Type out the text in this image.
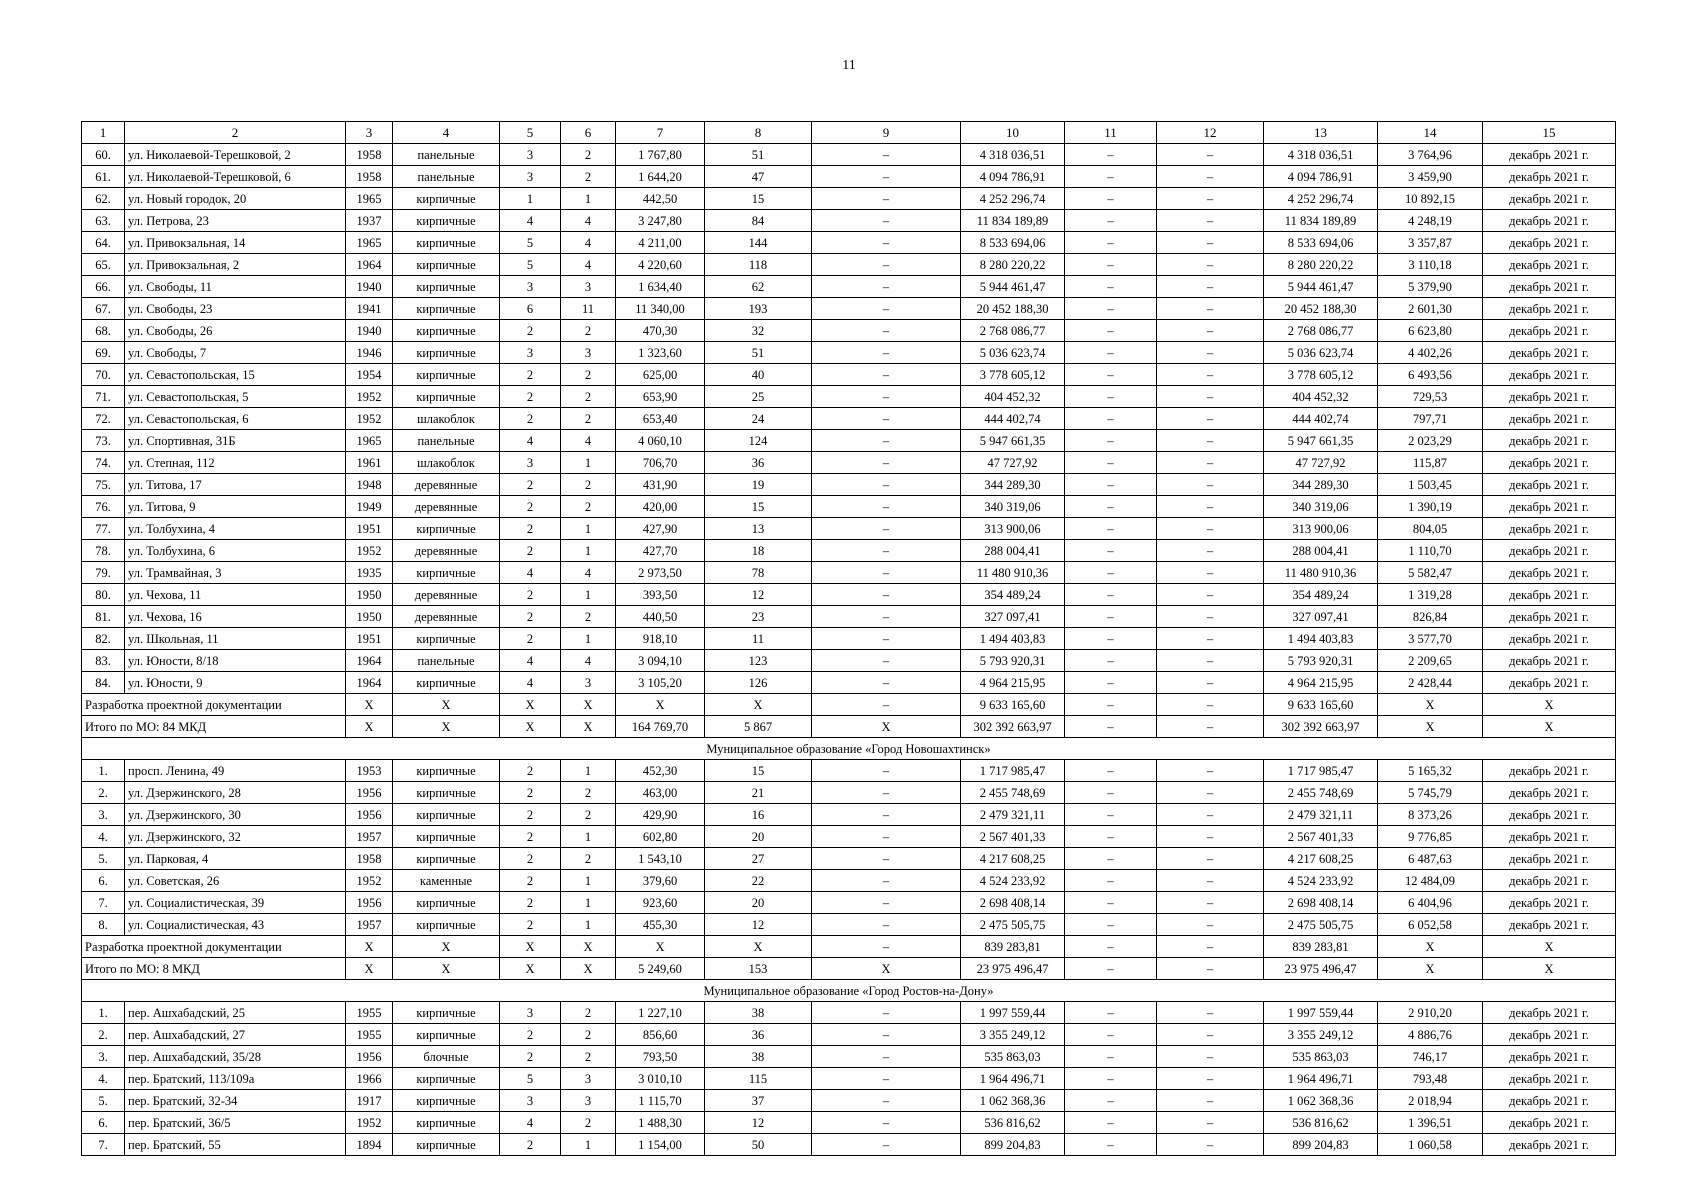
11
1	2	3	4	5	6	7	8	9	10	11	12	13	14	15
60.	ул. Николаевой-Терешковой, 2	1958	панельные	3	2	1 767,80	51	–	4 318 036,51	–	–	4 318 036,51	3 764,96	декабрь 2021 г.
61.	ул. Николаевой-Терешковой, 6	1958	панельные	3	2	1 644,20	47	–	4 094 786,91	–	–	4 094 786,91	3 459,90	декабрь 2021 г.
62.	ул. Новый городок, 20	1965	кирпичные	1	1	442,50	15	–	4 252 296,74	–	–	4 252 296,74	10 892,15	декабрь 2021 г.
63.	ул. Петрова, 23	1937	кирпичные	4	4	3 247,80	84	–	11 834 189,89	–	–	11 834 189,89	4 248,19	декабрь 2021 г.
64.	ул. Привокзальная, 14	1965	кирпичные	5	4	4 211,00	144	–	8 533 694,06	–	–	8 533 694,06	3 357,87	декабрь 2021 г.
65.	ул. Привокзальная, 2	1964	кирпичные	5	4	4 220,60	118	–	8 280 220,22	–	–	8 280 220,22	3 110,18	декабрь 2021 г.
66.	ул. Свободы, 11	1940	кирпичные	3	3	1 634,40	62	–	5 944 461,47	–	–	5 944 461,47	5 379,90	декабрь 2021 г.
67.	ул. Свободы, 23	1941	кирпичные	6	11	11 340,00	193	–	20 452 188,30	–	–	20 452 188,30	2 601,30	декабрь 2021 г.
68.	ул. Свободы, 26	1940	кирпичные	2	2	470,30	32	–	2 768 086,77	–	–	2 768 086,77	6 623,80	декабрь 2021 г.
69.	ул. Свободы, 7	1946	кирпичные	3	3	1 323,60	51	–	5 036 623,74	–	–	5 036 623,74	4 402,26	декабрь 2021 г.
70.	ул. Севастопольская, 15	1954	кирпичные	2	2	625,00	40	–	3 778 605,12	–	–	3 778 605,12	6 493,56	декабрь 2021 г.
71.	ул. Севастопольская, 5	1952	кирпичные	2	2	653,90	25	–	404 452,32	–	–	404 452,32	729,53	декабрь 2021 г.
72.	ул. Севастопольская, 6	1952	шлакоблок	2	2	653,40	24	–	444 402,74	–	–	444 402,74	797,71	декабрь 2021 г.
73.	ул. Спортивная, 31Б	1965	панельные	4	4	4 060,10	124	–	5 947 661,35	–	–	5 947 661,35	2 023,29	декабрь 2021 г.
74.	ул. Степная, 112	1961	шлакоблок	3	1	706,70	36	–	47 727,92	–	–	47 727,92	115,87	декабрь 2021 г.
75.	ул. Титова, 17	1948	деревянные	2	2	431,90	19	–	344 289,30	–	–	344 289,30	1 503,45	декабрь 2021 г.
76.	ул. Титова, 9	1949	деревянные	2	2	420,00	15	–	340 319,06	–	–	340 319,06	1 390,19	декабрь 2021 г.
77.	ул. Толбухина, 4	1951	кирпичные	2	1	427,90	13	–	313 900,06	–	–	313 900,06	804,05	декабрь 2021 г.
78.	ул. Толбухина, 6	1952	деревянные	2	1	427,70	18	–	288 004,41	–	–	288 004,41	1 110,70	декабрь 2021 г.
79.	ул. Трамвайная, 3	1935	кирпичные	4	4	2 973,50	78	–	11 480 910,36	–	–	11 480 910,36	5 582,47	декабрь 2021 г.
80.	ул. Чехова, 11	1950	деревянные	2	1	393,50	12	–	354 489,24	–	–	354 489,24	1 319,28	декабрь 2021 г.
81.	ул. Чехова, 16	1950	деревянные	2	2	440,50	23	–	327 097,41	–	–	327 097,41	826,84	декабрь 2021 г.
82.	ул. Школьная, 11	1951	кирпичные	2	1	918,10	11	–	1 494 403,83	–	–	1 494 403,83	3 577,70	декабрь 2021 г.
83.	ул. Юности, 8/18	1964	панельные	4	4	3 094,10	123	–	5 793 920,31	–	–	5 793 920,31	2 209,65	декабрь 2021 г.
84.	ул. Юности, 9	1964	кирпичные	4	3	3 105,20	126	–	4 964 215,95	–	–	4 964 215,95	2 428,44	декабрь 2021 г.
Разработка проектной документации		X	X	X	X	X	X	–	9 633 165,60	–	–	9 633 165,60	X	X
Итого по МО: 84 МКД		X	X	X	X	164 769,70	5 867	X	302 392 663,97	–	–	302 392 663,97	X	X
Муниципальное образование «Город Новошахтинск»														
1.	просп. Ленина, 49	1953	кирпичные	2	1	452,30	15	–	1 717 985,47	–	–	1 717 985,47	5 165,32	декабрь 2021 г.
2.	ул. Дзержинского, 28	1956	кирпичные	2	2	463,00	21	–	2 455 748,69	–	–	2 455 748,69	5 745,79	декабрь 2021 г.
3.	ул. Дзержинского, 30	1956	кирпичные	2	2	429,90	16	–	2 479 321,11	–	–	2 479 321,11	8 373,26	декабрь 2021 г.
4.	ул. Дзержинского, 32	1957	кирпичные	2	1	602,80	20	–	2 567 401,33	–	–	2 567 401,33	9 776,85	декабрь 2021 г.
5.	ул. Парковая, 4	1958	кирпичные	2	2	1 543,10	27	–	4 217 608,25	–	–	4 217 608,25	6 487,63	декабрь 2021 г.
6.	ул. Советская, 26	1952	каменные	2	1	379,60	22	–	4 524 233,92	–	–	4 524 233,92	12 484,09	декабрь 2021 г.
7.	ул. Социалистическая, 39	1956	кирпичные	2	1	923,60	20	–	2 698 408,14	–	–	2 698 408,14	6 404,96	декабрь 2021 г.
8.	ул. Социалистическая, 43	1957	кирпичные	2	1	455,30	12	–	2 475 505,75	–	–	2 475 505,75	6 052,58	декабрь 2021 г.
Разработка проектной документации		X	X	X	X	X	X	–	839 283,81	–	–	839 283,81	X	X
Итого по МО: 8 МКД		X	X	X	X	5 249,60	153	X	23 975 496,47	–	–	23 975 496,47	X	X
Муниципальное образование «Город Ростов-на-Дону»														
1.	пер. Ашхабадский, 25	1955	кирпичные	3	2	1 227,10	38	–	1 997 559,44	–	–	1 997 559,44	2 910,20	декабрь 2021 г.
2.	пер. Ашхабадский, 27	1955	кирпичные	2	2	856,60	36	–	3 355 249,12	–	–	3 355 249,12	4 886,76	декабрь 2021 г.
3.	пер. Ашхабадский, 35/28	1956	блочные	2	2	793,50	38	–	535 863,03	–	–	535 863,03	746,17	декабрь 2021 г.
4.	пер. Братский, 113/109а	1966	кирпичные	5	3	3 010,10	115	–	1 964 496,71	–	–	1 964 496,71	793,48	декабрь 2021 г.
5.	пер. Братский, 32-34	1917	кирпичные	3	3	1 115,70	37	–	1 062 368,36	–	–	1 062 368,36	2 018,94	декабрь 2021 г.
6.	пер. Братский, 36/5	1952	кирпичные	4	2	1 488,30	12	–	536 816,62	–	–	536 816,62	1 396,51	декабрь 2021 г.
7.	пер. Братский, 55	1894	кирпичные	2	1	1 154,00	50	–	899 204,83	–	–	899 204,83	1 060,58	декабрь 2021 г.
